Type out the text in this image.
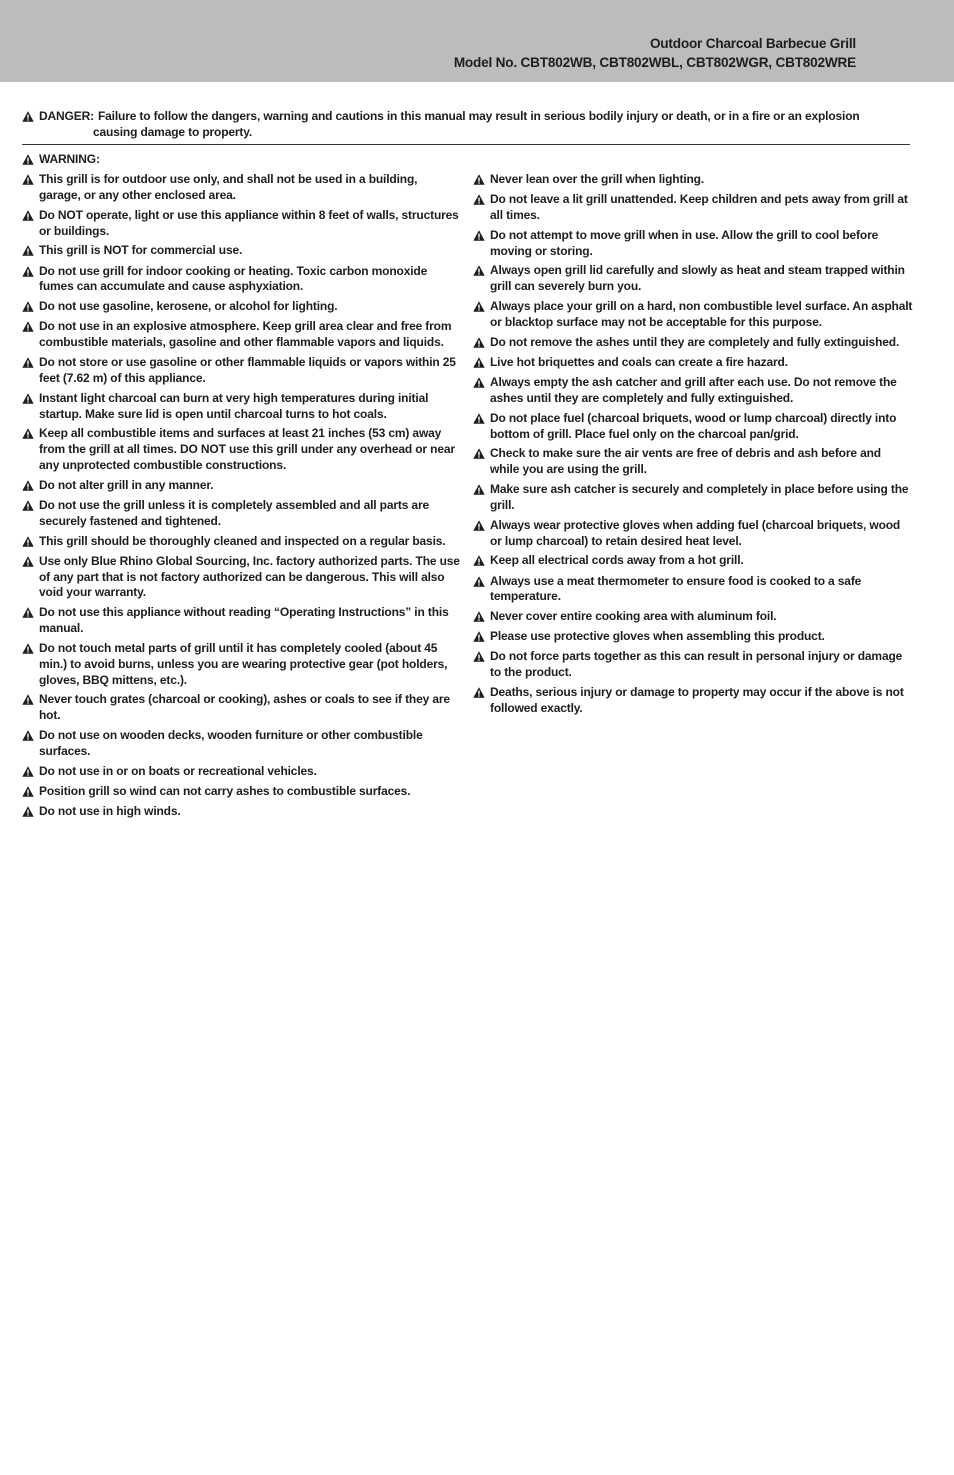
Outdoor Charcoal Barbecue Grill
Model No. CBT802WB, CBT802WBL, CBT802WGR, CBT802WRE
DANGER: Failure to follow the dangers, warning and cautions in this manual may result in serious bodily injury or death, or in a fire or an explosion
causing damage to property.
WARNING:
This grill is for outdoor use only, and shall not be used in a building, garage, or any other enclosed area.
Do NOT operate, light or use this appliance within 8 feet of walls, structures or buildings.
This grill is NOT for commercial use.
Do not use grill for indoor cooking or heating. Toxic carbon monoxide fumes can accumulate and cause asphyxiation.
Do not use gasoline, kerosene, or alcohol for lighting.
Do not use in an explosive atmosphere. Keep grill area clear and free from combustible materials, gasoline and other flammable vapors and liquids.
Do not store or use gasoline or other flammable liquids or vapors within 25 feet (7.62 m) of this appliance.
Instant light charcoal can burn at very high temperatures during initial startup. Make sure lid is open until charcoal turns to hot coals.
Keep all combustible items and surfaces at least 21 inches (53 cm) away from the grill at all times. DO NOT use this grill under any overhead or near any unprotected combustible constructions.
Do not alter grill in any manner.
Do not use the grill unless it is completely assembled and all parts are securely fastened and tightened.
This grill should be thoroughly cleaned and inspected on a regular basis.
Use only Blue Rhino Global Sourcing, Inc. factory authorized parts. The use of any part that is not factory authorized can be dangerous. This will also void your warranty.
Do not use this appliance without reading “Operating Instructions” in this manual.
Do not touch metal parts of grill until it has completely cooled (about 45 min.) to avoid burns, unless you are wearing protective gear (pot holders, gloves, BBQ mittens, etc.).
Never touch grates (charcoal or cooking), ashes or coals to see if they are hot.
Do not use on wooden decks, wooden furniture or other combustible surfaces.
Do not use in or on boats or recreational vehicles.
Position grill so wind can not carry ashes to combustible surfaces.
Do not use in high winds.
Never lean over the grill when lighting.
Do not leave a lit grill unattended. Keep children and pets away from grill at all times.
Do not attempt to move grill when in use. Allow the grill to cool before moving or storing.
Always open grill lid carefully and slowly as heat and steam trapped within grill can severely burn you.
Always place your grill on a hard, non combustible level surface. An asphalt or blacktop surface may not be acceptable for this purpose.
Do not remove the ashes until they are completely and fully extinguished.
Live hot briquettes and coals can create a fire hazard.
Always empty the ash catcher and grill after each use. Do not remove the ashes until they are completely and fully extinguished.
Do not place fuel (charcoal briquets, wood or lump charcoal) directly into bottom of grill. Place fuel only on the charcoal pan/grid.
Check to make sure the air vents are free of debris and ash before and while you are using the grill.
Make sure ash catcher is securely and completely in place before using the grill.
Always wear protective gloves when adding fuel (charcoal briquets, wood or lump charcoal) to retain desired heat level.
Keep all electrical cords away from a hot grill.
Always use a meat thermometer to ensure food is cooked to a safe temperature.
Never cover entire cooking area with aluminum foil.
Please use protective gloves when assembling this product.
Do not force parts together as this can result in personal injury or damage to the product.
Deaths, serious injury or damage to property may occur if the above is not followed exactly.
